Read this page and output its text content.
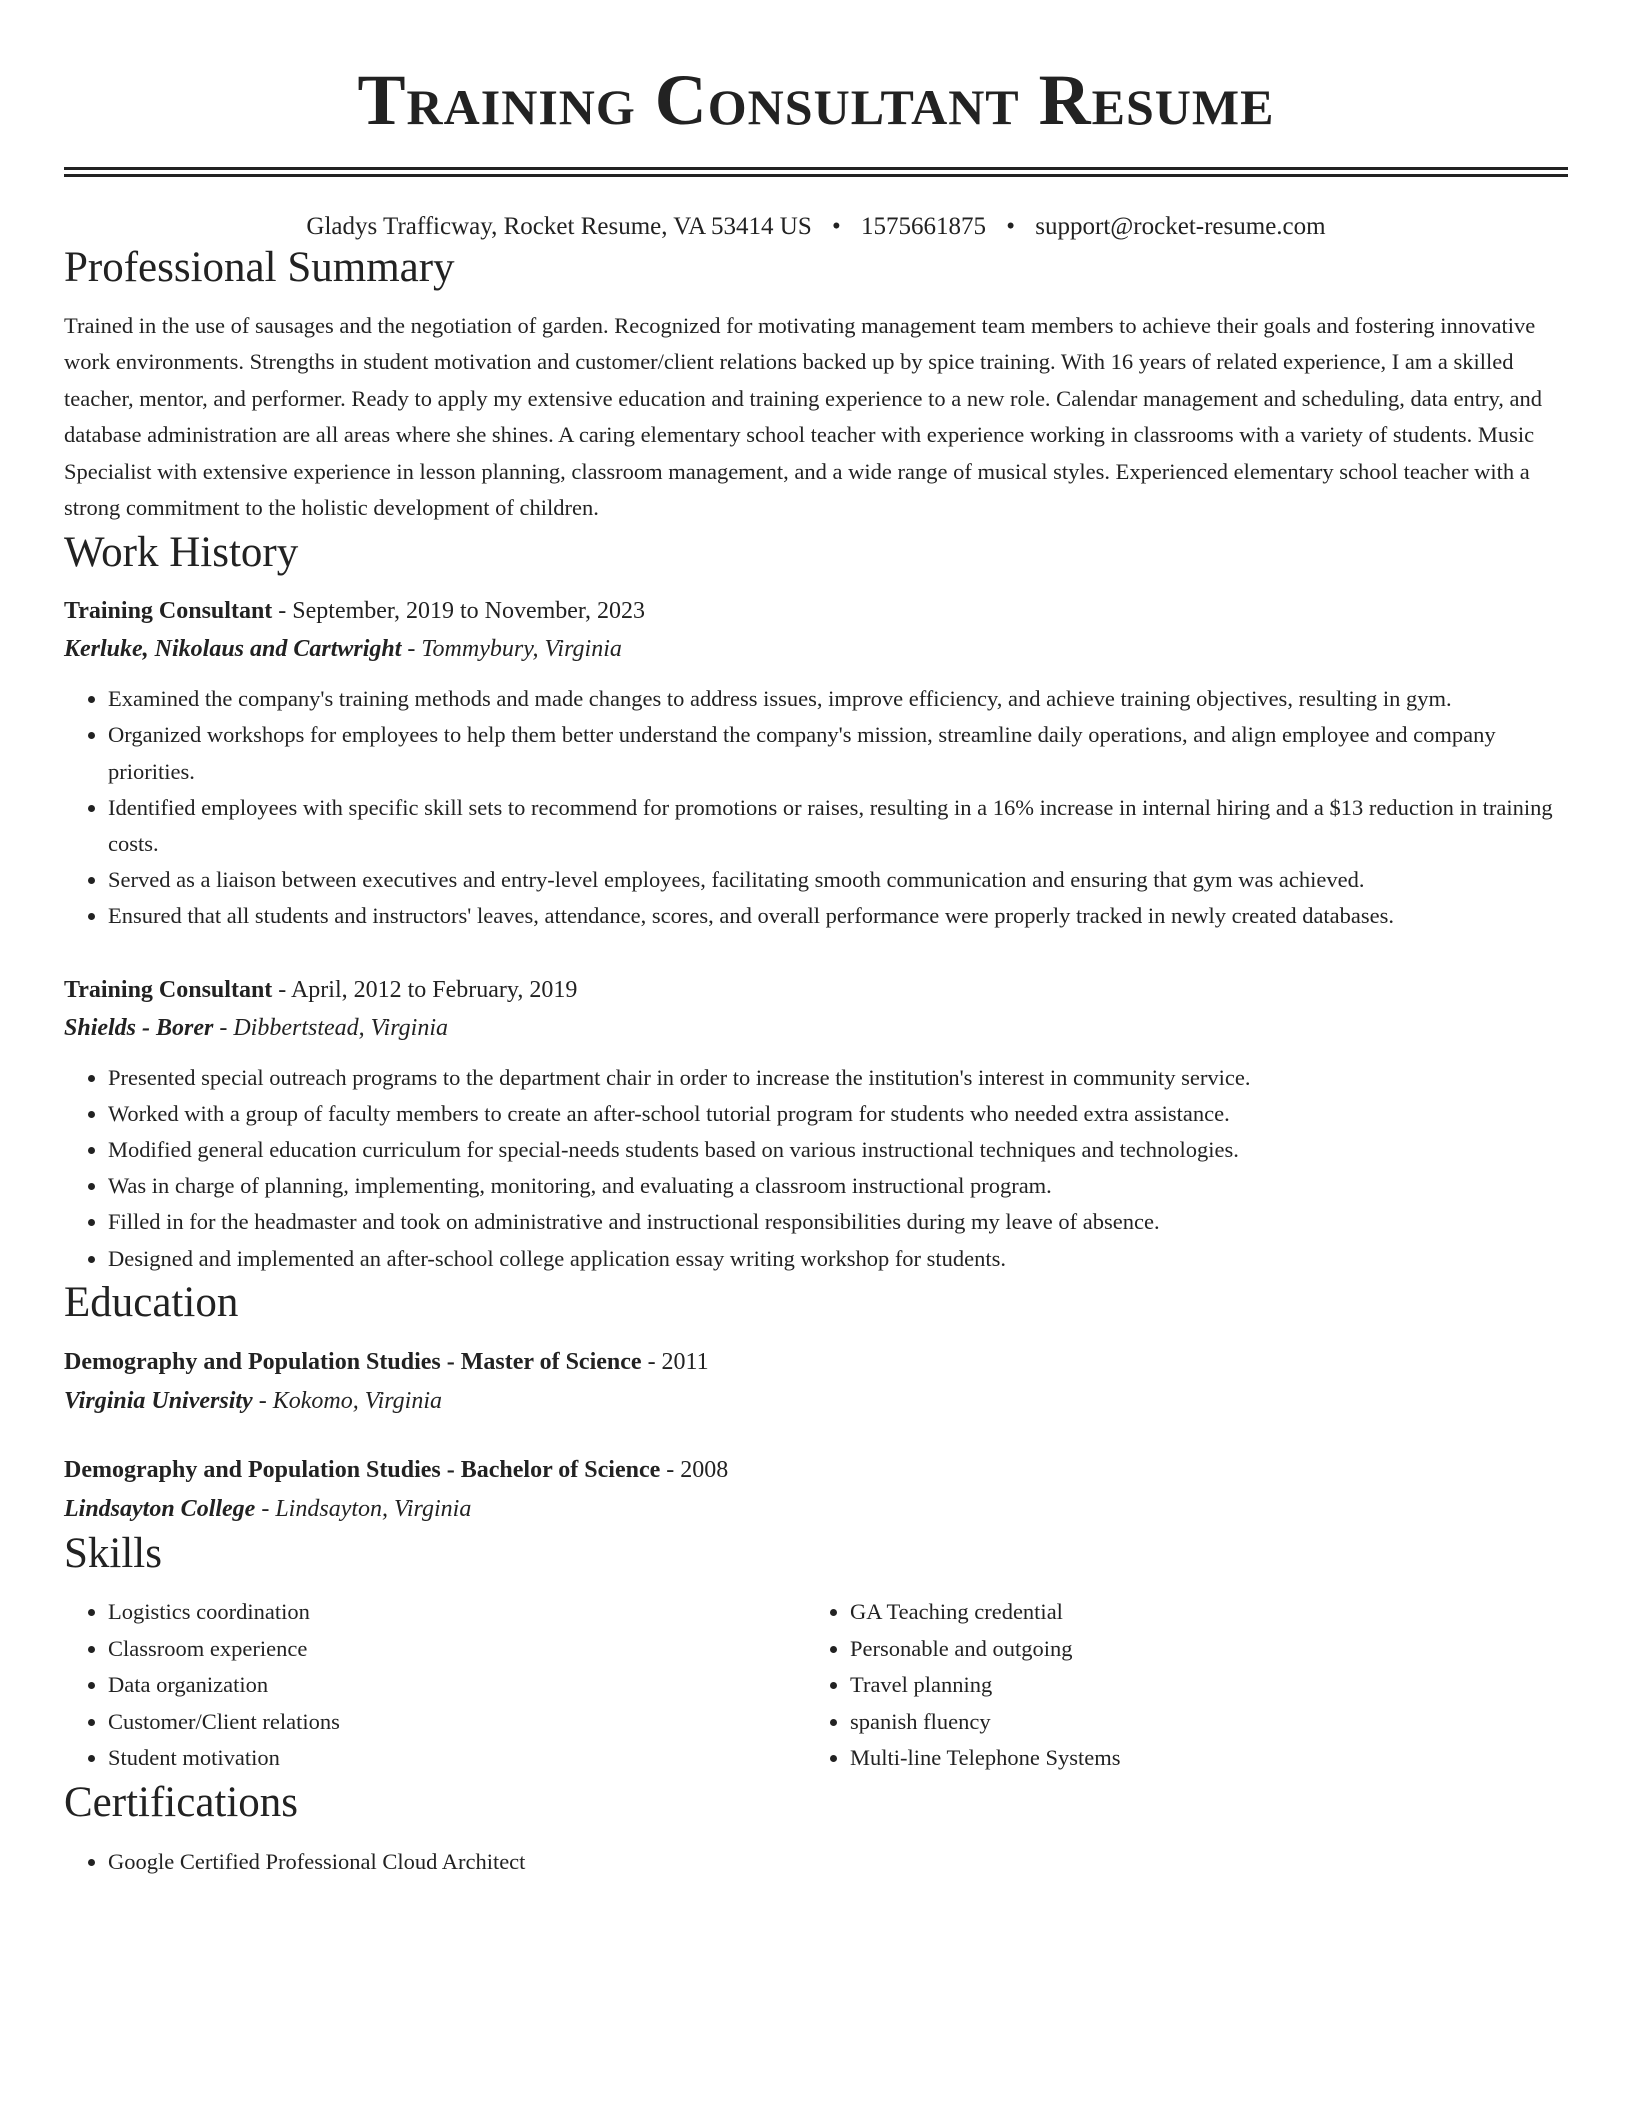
Training Consultant Resume
Gladys Trafficway, Rocket Resume, VA 53414 US • 1575661875 • support@rocket-resume.com
Professional Summary

Trained in the use of sausages and the negotiation of garden. Recognized for motivating management team members to achieve their goals and fostering innovative work environments. Strengths in student motivation and customer/client relations backed up by spice training. With 16 years of related experience, I am a skilled teacher, mentor, and performer. Ready to apply my extensive education and training experience to a new role. Calendar management and scheduling, data entry, and database administration are all areas where she shines. A caring elementary school teacher with experience working in classrooms with a variety of students. Music Specialist with extensive experience in lesson planning, classroom management, and a wide range of musical styles. Experienced elementary school teacher with a strong commitment to the holistic development of children.

Work History
Training Consultant - September, 2019 to November, 2023
Kerluke, Nikolaus and Cartwright - Tommybury, Virginia
• Examined the company's training methods and made changes to address issues, improve efficiency, and achieve training objectives, resulting in gym.
• Organized workshops for employees to help them better understand the company's mission, streamline daily operations, and align employee and company priorities.
• Identified employees with specific skill sets to recommend for promotions or raises, resulting in a 16% increase in internal hiring and a $13 reduction in training costs.
• Served as a liaison between executives and entry-level employees, facilitating smooth communication and ensuring that gym was achieved.
• Ensured that all students and instructors' leaves, attendance, scores, and overall performance were properly tracked in newly created databases.
Training Consultant - April, 2012 to February, 2019
Shields - Borer - Dibbertstead, Virginia
• Presented special outreach programs to the department chair in order to increase the institution's interest in community service.
• Worked with a group of faculty members to create an after-school tutorial program for students who needed extra assistance.
• Modified general education curriculum for special-needs students based on various instructional techniques and technologies.
• Was in charge of planning, implementing, monitoring, and evaluating a classroom instructional program.
• Filled in for the headmaster and took on administrative and instructional responsibilities during my leave of absence.
• Designed and implemented an after-school college application essay writing workshop for students.
Education
Demography and Population Studies - Master of Science - 2011
Virginia University - Kokomo, Virginia
Demography and Population Studies - Bachelor of Science - 2008
Lindsayton College - Lindsayton, Virginia
Skills
• Logistics coordination
• Classroom experience
• Data organization
• Customer/Client relations
• Student motivation
• GA Teaching credential
• Personable and outgoing
• Travel planning
• spanish fluency
• Multi-line Telephone Systems
Certifications
• Google Certified Professional Cloud Architect
